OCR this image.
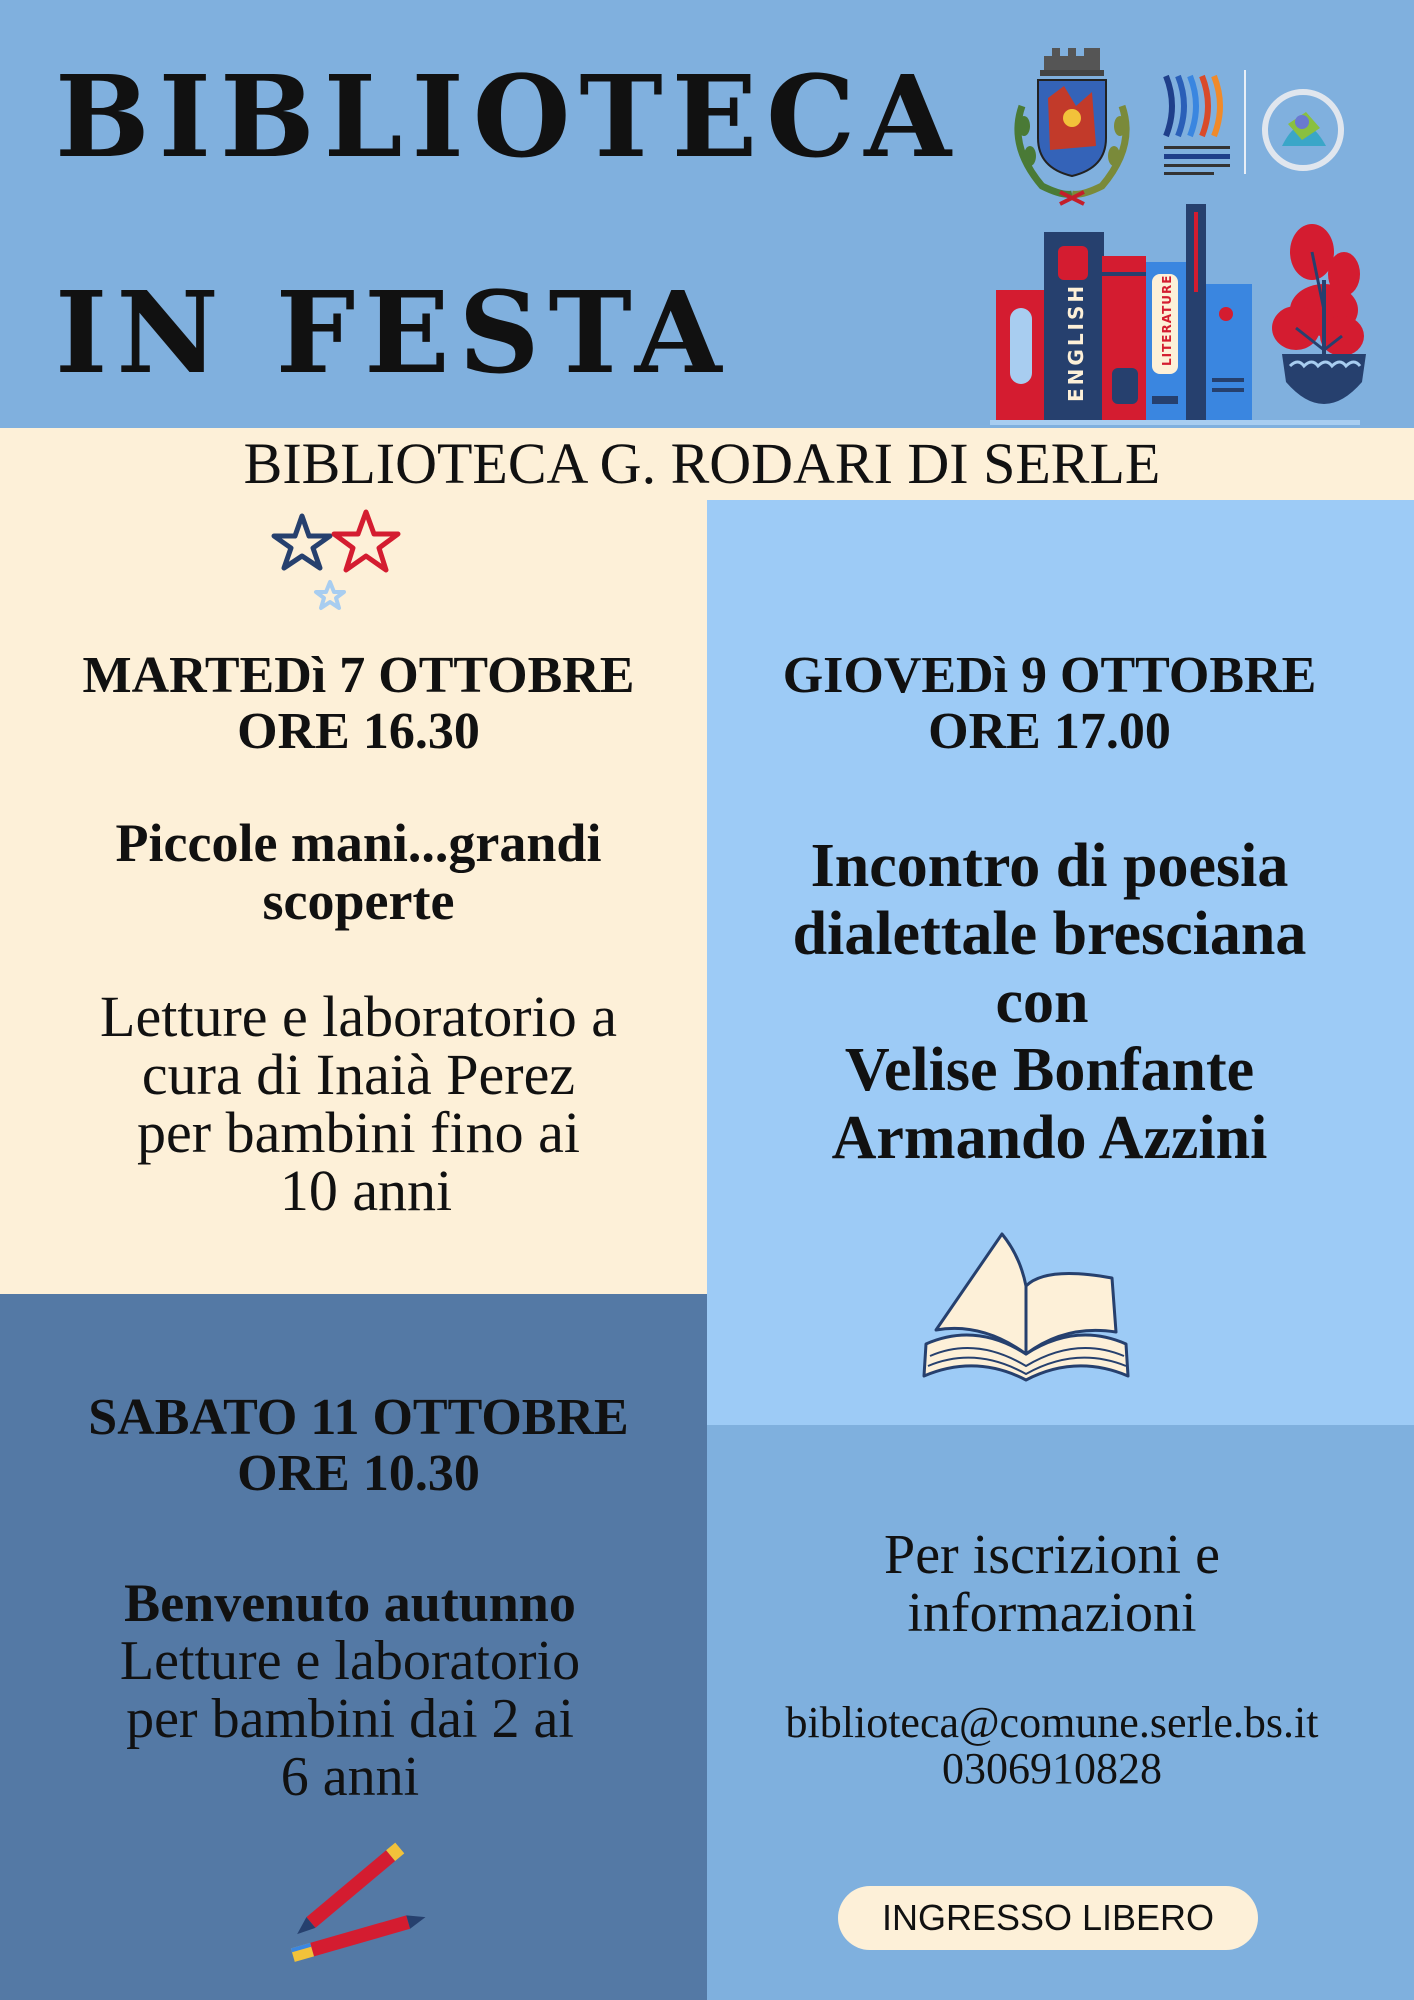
BIBLIOTECA
IN FESTA	ENGLISH	LITERATURE
BIBLIOTECA G. RODARI DI SERLE
MARTEDì 7 OTTOBRE
ORE 16.30
Piccole mani...grandi
scoperte
Letture e laboratorio a
cura di Inaià Perez
per bambini fino ai
10 anni
GIOVEDì 9 OTTOBRE
ORE 17.00
Incontro di poesia
dialettale bresciana
con
Velise Bonfante
Armando Azzini
SABATO 11 OTTOBRE
ORE 10.30
Benvenuto autunno
Letture e laboratorio
per bambini dai 2 ai
6 anni
Per iscrizioni e
informazioni
biblioteca@comune.serle.bs.it
0306910828
INGRESSO LIBERO
